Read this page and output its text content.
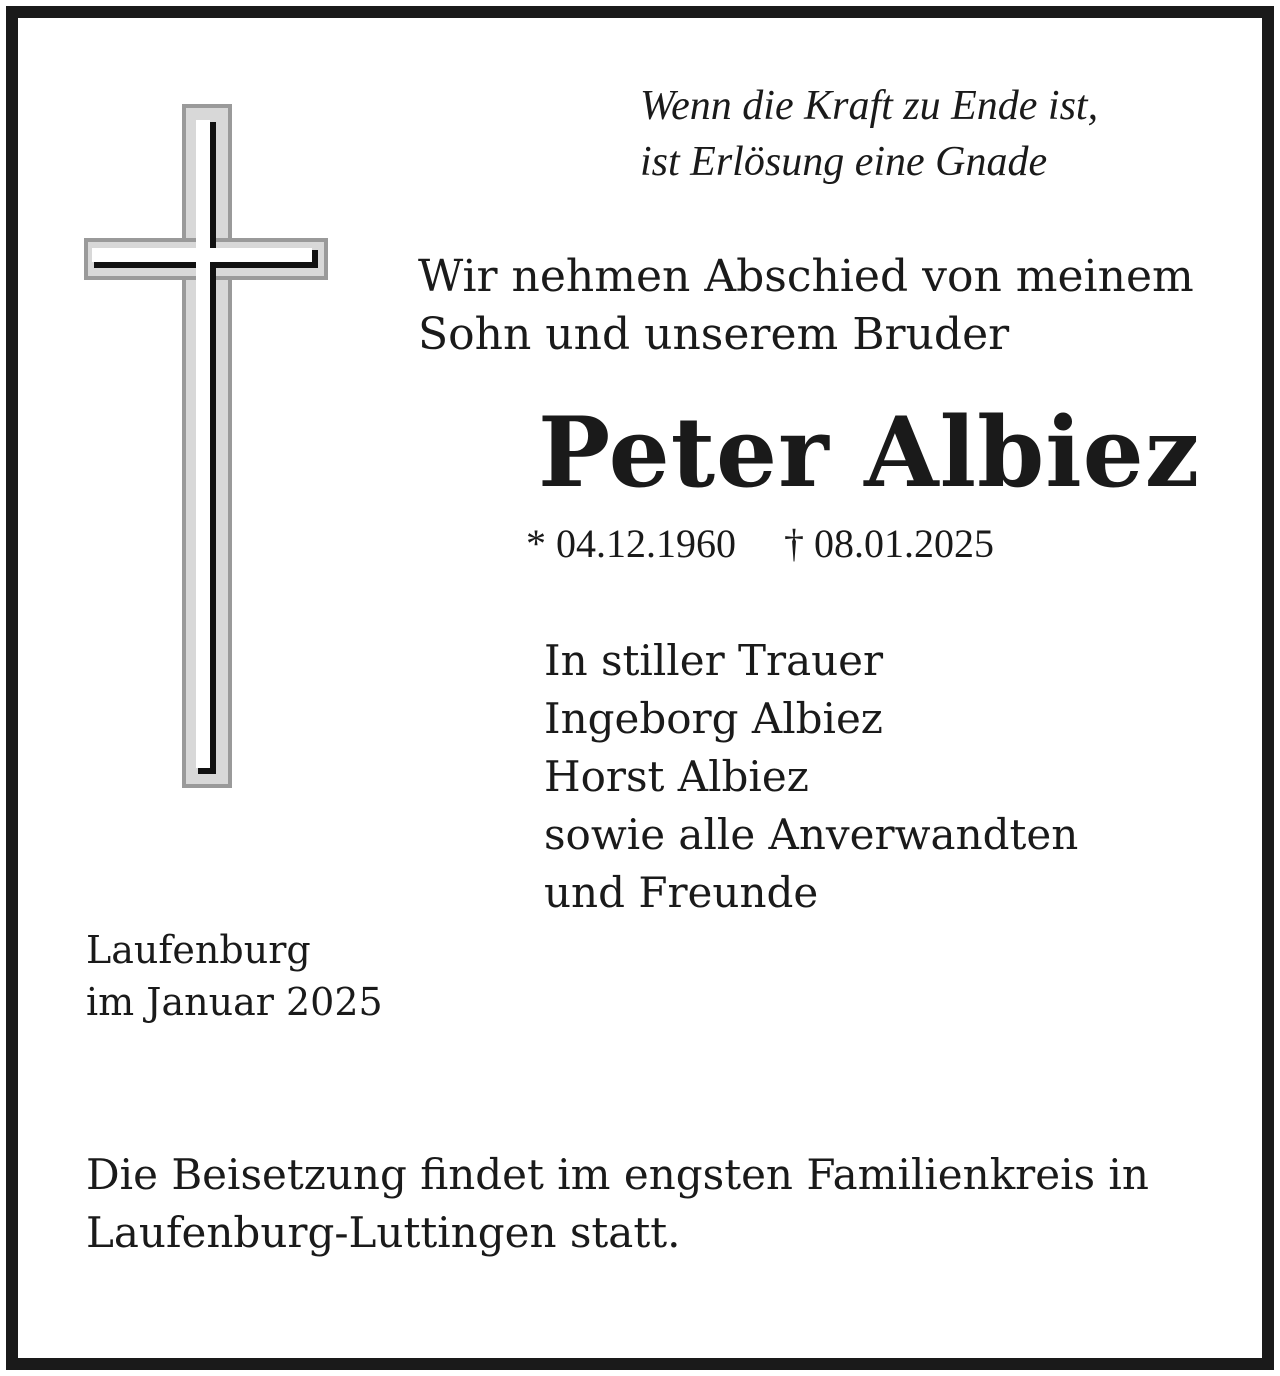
Wenn die Kraft zu Ende ist,
ist Erlösung eine Gnade
Wir nehmen Abschied von meinem
Sohn und unserem Bruder
Peter Albiez
* 04.12.1960 † 08.01.2025
In stiller Trauer
Ingeborg Albiez
Horst Albiez
sowie alle Anverwandten
und Freunde
Laufenburg
im Januar 2025
Die Beisetzung findet im engsten Familienkreis in
Laufenburg-Luttingen statt.
